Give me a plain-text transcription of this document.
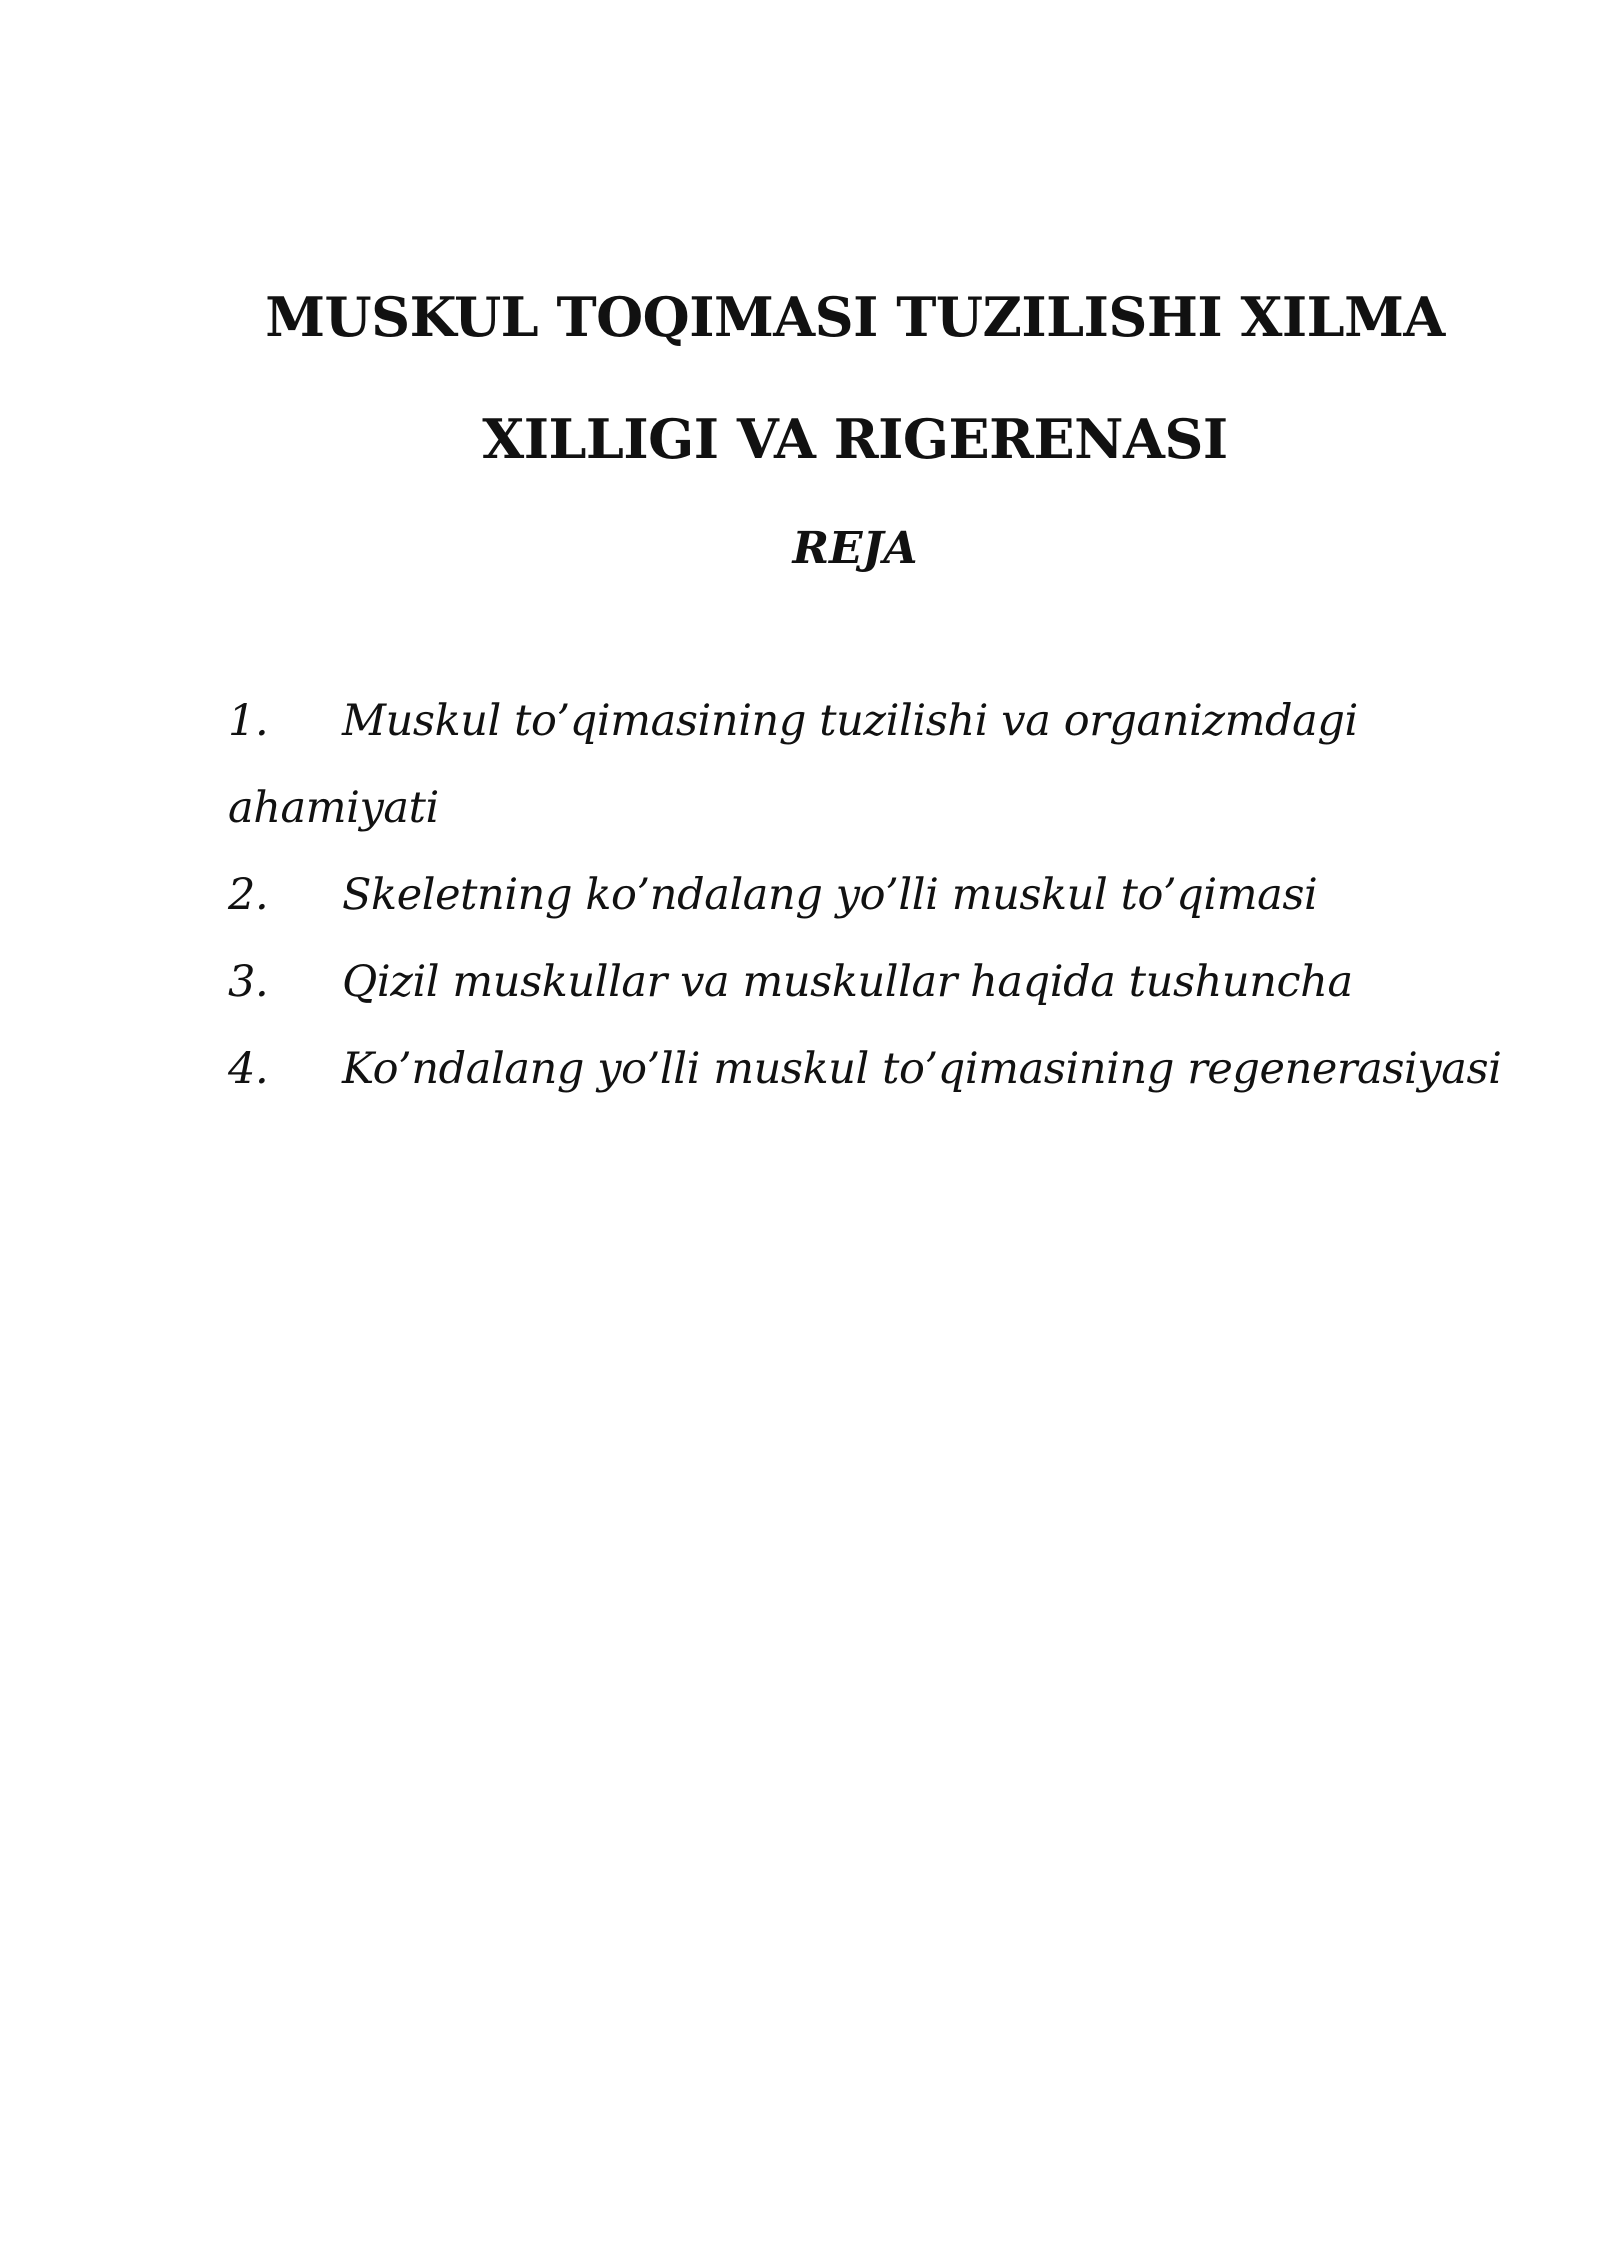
MUSKUL TOQIMASI TUZILISHI XILMA
XILLIGI VA RIGERENASI
REJA
1. Muskul to’qimasining tuzilishi va organizmdagi
ahamiyati
2. Skeletning ko’ndalang yo’lli muskul to’qimasi
3. Qizil muskullar va muskullar haqida tushuncha
4. Ko’ndalang yo’lli muskul to’qimasining regenerasiyasi
